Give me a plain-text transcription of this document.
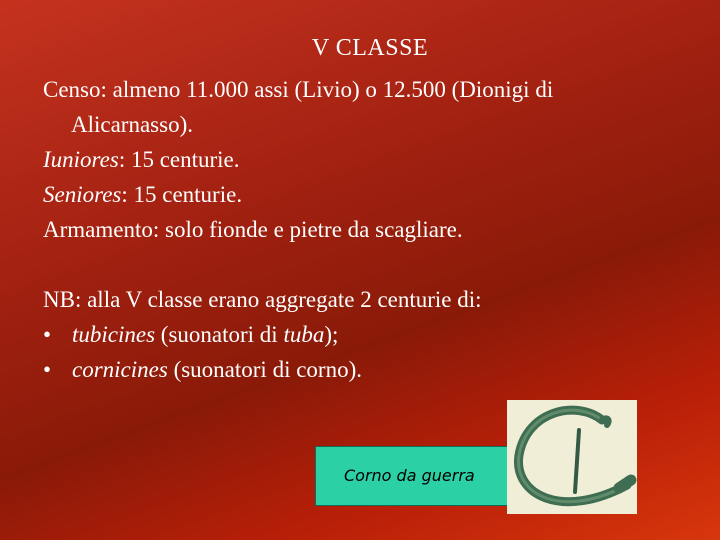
V CLASSE

Censo: almeno 11.000 assi (Livio) o 12.500 (Dionigi di
Alicarnasso).

Iuniores: 15 centurie.

Seniores: 15 centurie.

Armamento: solo fionde e pietre da scagliare.

NB: alla V classe erano aggregate 2 centurie di:

• tubicines (suonatori di tuba);

• cornicines (suonatori di corno).

Corno da guerra
